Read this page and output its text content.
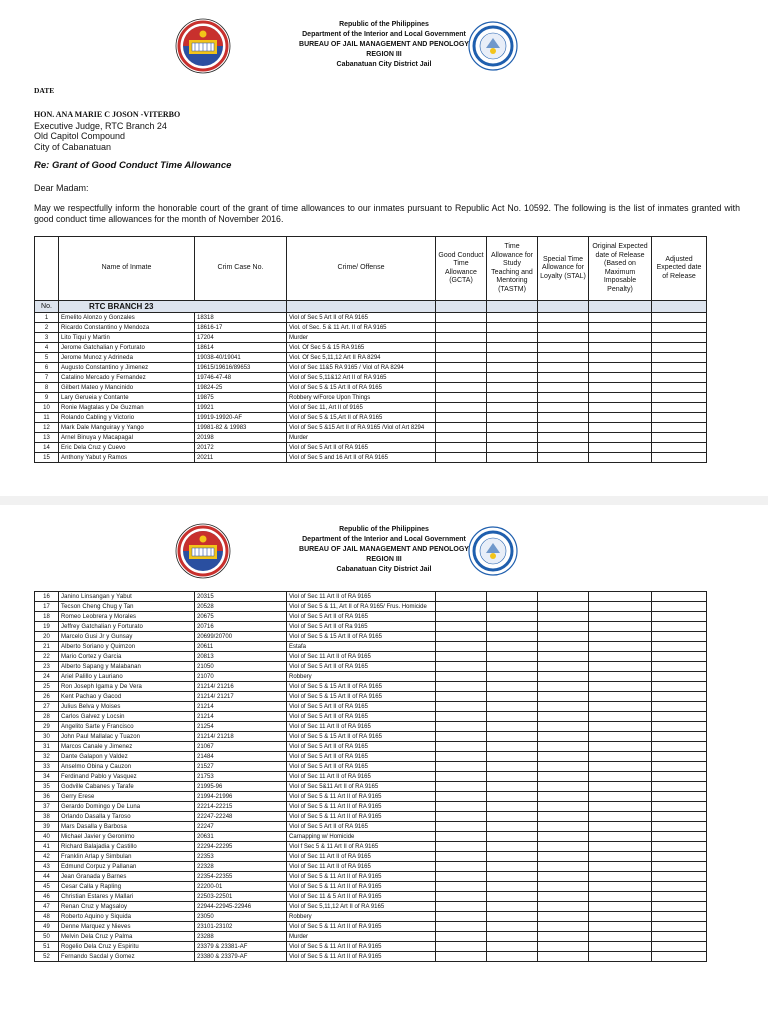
Republic of the Philippines
Department of the Interior and Local Government
BUREAU OF JAIL MANAGEMENT AND PENOLOGY
REGION III
Cabanatuan City District Jail
DATE
HON. ANA MARIE C JOSON -VITERBO
Executive Judge, RTC Branch 24
Old Capitol Compound
City of Cabanatuan
Re: Grant of Good Conduct Time Allowance
Dear Madam:
May we respectfully inform the honorable court of the grant of time allowances to our inmates pursuant to Republic Act No. 10592. The following is the list of inmates granted with good conduct time allowances for the month of November 2016.
	Name of Inmate	Crim Case No.	Crime/ Offense	Good Conduct Time Allowance (GCTA)	Time Allowance for Study Teaching and Mentoring (TASTM)	Special Time Allowance for Loyalty (STAL)	Original Expected date of Release (Based on Maximum Imposable Penalty)	Adjusted Expected date of Release
No.	RTC BRANCH 23							
1	Emelito Alonzo y Gonzales	18318	Viol of Sec 5 Art II of RA 9165					
2	Ricardo Constantino y Mendoza	18616-17	Viol. of Sec. 5 & 11 Art. II of RA 9165					
3	Lito Tiqui y Martin	17204	Murder					
4	Jerome Gatchalian y Forturato	18614	Viol. Of Sec 5 & 15 RA 9165					
5	Jerome Munoz y Adrineda	19038-40/19041	Viol. Of Sec 5,11,12 Art II RA 8294					
6	Augusto Constantino y Jimenez	19615/19616/89653	Viol of Sec 11&5 RA 9165 / Viol of RA 8294					
7	Catalino Mercado y Fernandez	19746-47-48	Viol of Sec 5,11&12 Art II of RA 9165					
8	Gilbert Mateo y Mancinido	19824-25	Viol of Sec 5 & 15 Art II of RA 9165					
9	Lary Gerueia y Contante	19875	Robbery w/Force Upon Things					
10	Ronie Magtalas y De Guzman	19921	Viol of Sec 11, Art II of 9165					
11	Rolando Cabling y Victorio	19919-19920-AF	Viol of Sec 5 & 15,Art II of RA 9165					
12	Mark Dale Manguiray y Yango	19981-82 & 19983	Viol of Sec 5 &15 Art II of RA 9165 /Viol of Art 8294					
13	Arnel Binuya y Macapagal	20198	Murder					
14	Eric Dela Cruz y Cuevo	20172	Viol of Sec 5 Art II of RA 9165					
15	Anthony Yabut y Ramos	20211	Viol of Sec 5 and 16 Art II of RA 9165					
Republic of the Philippines
Department of the Interior and Local Government
BUREAU OF JAIL MANAGEMENT AND PENOLOGY
REGION III
Cabanatuan City District Jail
16	Janino Linsangan y Yabut	20315	Viol of Sec 11 Art II of RA 9165					
17	Tecson Cheng Chug y Tan	20528	Viol of Sec 5 & 11, Art II of RA 9165/ Frus. Homicide					
18	Romeo Leobrera y Morales	20675	Viol of Sec 5 Art II of RA 9165					
19	Jeffrey Gatchalian y Forturato	20716	Viol of Sec 5 Art II of Ra 9165					
20	Marcelo Gusi Jr y Gunsay	20699/20700	Viol of Sec 5 & 15 Art II of RA 9165					
21	Alberto Soriano y Quimzon	20611	Estafa					
22	Mario Cortez y Garcia	20813	Viol of Sec 11 Art II of RA 9165					
23	Alberto Sapang y Malabanan	21050	Viol of Sec 5 Art II of RA 9165					
24	Ariel Palillo y Lauriano	21070	Robbery					
25	Ron Joseph Igama y De Vera	21214/ 21216	Viol of Sec 5 & 15 Art II of RA 9165					
26	Kent Pachao y Gacod	21214/ 21217	Viol of Sec 5 & 15 Art II of RA 9165					
27	Julius Belva y Moises	21214	Viol of Sec 5 Art II of RA 9165					
28	Carlos Galvez y Locsin	21214	Viol of Sec 5 Art II of RA 9165					
29	Angelito Sarte y Francisco	21254	Viol of Sec 11 Art II of RA 9165					
30	John Paul Mallalac y Tuazon	21214/ 21218	Viol of Sec 5 & 15 Art II of RA 9165					
31	Marcos Canale y Jimenez	21067	Viol of Sec 5 Art II of RA 9165					
32	Dante Galapon y Valdez	21484	Viol of Sec 5 Art II of RA 9165					
33	Anselmo Obina y Cauzon	21527	Viol of Sec 5 Art II of RA 9165					
34	Ferdinand Pablo y Vasquez	21753	Viol of Sec 11 Art II of RA 9165					
35	Godville Cabanes y Tarafe	21995-96	Viol of Sec 5&11 Art II of RA 9165					
36	Gerry Erese	21994-21996	Viol of Sec 5 & 11 Art II of RA 9165					
37	Gerardo Domingo y De Luna	22214-22215	Viol of Sec 5 & 11 Art II of RA 9165					
38	Orlando Dasalla y Taroso	22247-22248	Viol of Sec 5 & 11 Art II of RA 9165					
39	Mars Dasalla y Barbosa	22247	Viol of Sec 5 Art II of RA 9165					
40	Michael Javier y Geronimo	20631	Carnapping w/ Homicide					
41	Richard Balajadia y Castillo	22294-22295	Viol f Sec 5 & 11 Art II of RA 9165					
42	Franklin Arlap y Simbulan	22353	Viol of Sec 11 Art II of RA 9165					
43	Edmund Corpuz y Pallanan	22328	Viol of Sec 11 Art II of RA 9165					
44	Jean Granada y Barnes	22354-22355	Viol of Sec 5 & 11 Art II of RA 9165					
45	Cesar Calla y Rapling	22200-01	Viol of Sec 5 & 11 Art II of RA 9165					
46	Christian Estares y Mallari	22503-22501	Viol of Sec 11 & 5 Art II of RA 9165					
47	Renan Cruz y Magsaloy	22944-22945-22946	Viol of Sec 5,11,12 Art II of RA 9165					
48	Roberto Aquino y Siquida	23050	Robbery					
49	Denne Marquez y Nieves	23101-23102	Viol of Sec 5 & 11 Art II of RA 9165					
50	Melvin Dela Cruz y Palma	23288	Murder					
51	Rogelio Dela Cruz y Espiritu	23379 & 23381-AF	Viol of Sec 5 & 11 Art II of RA 9165					
52	Fernando Sacdal y Gomez	23380 & 23379-AF	Viol of Sec 5 & 11 Art II of RA 9165					
